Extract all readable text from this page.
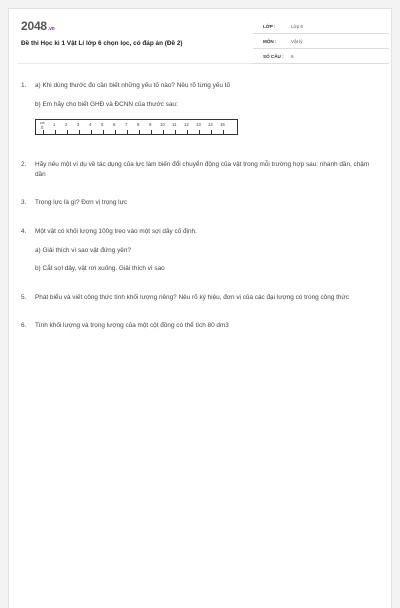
2048.vn
Đề thi Học kì 1 Vật Lí lớp 6 chọn lọc, có đáp án (Đề 2)
LỚP :	Lớp 6
MÔN :	Vật lý
SỐ CÂU : 6
1. a) Khi dùng thước đo cần biết những yếu tố nào? Nêu rõ từng yếu tố
b) Em hãy cho biết GHĐ và ĐCNN của thước sau:
cm
0
1 2 3 4 5 6 7 8 9 10 11 12 13 14 15
2. Hãy nêu một ví dụ về tác dụng của lực làm biến đổi chuyển động của vật trong mỗi trường hợp sau: nhanh dần, chậm dần
3. Trọng lực là gì? Đơn vị trọng lực
4. Một vật có khối lượng 100g treo vào một sợi dây cố định.
a) Giải thích vì sao vật đứng yên?
b) Cắt sợi dây, vật rơi xuống. Giải thích vì sao
5. Phát biểu và viết công thức tính khối lượng riêng? Nêu rõ ký hiệu, đơn vị của các đại lượng có trong công thức
6. Tính khối lượng và trọng lượng của một cột đồng có thể tích 80 dm3
